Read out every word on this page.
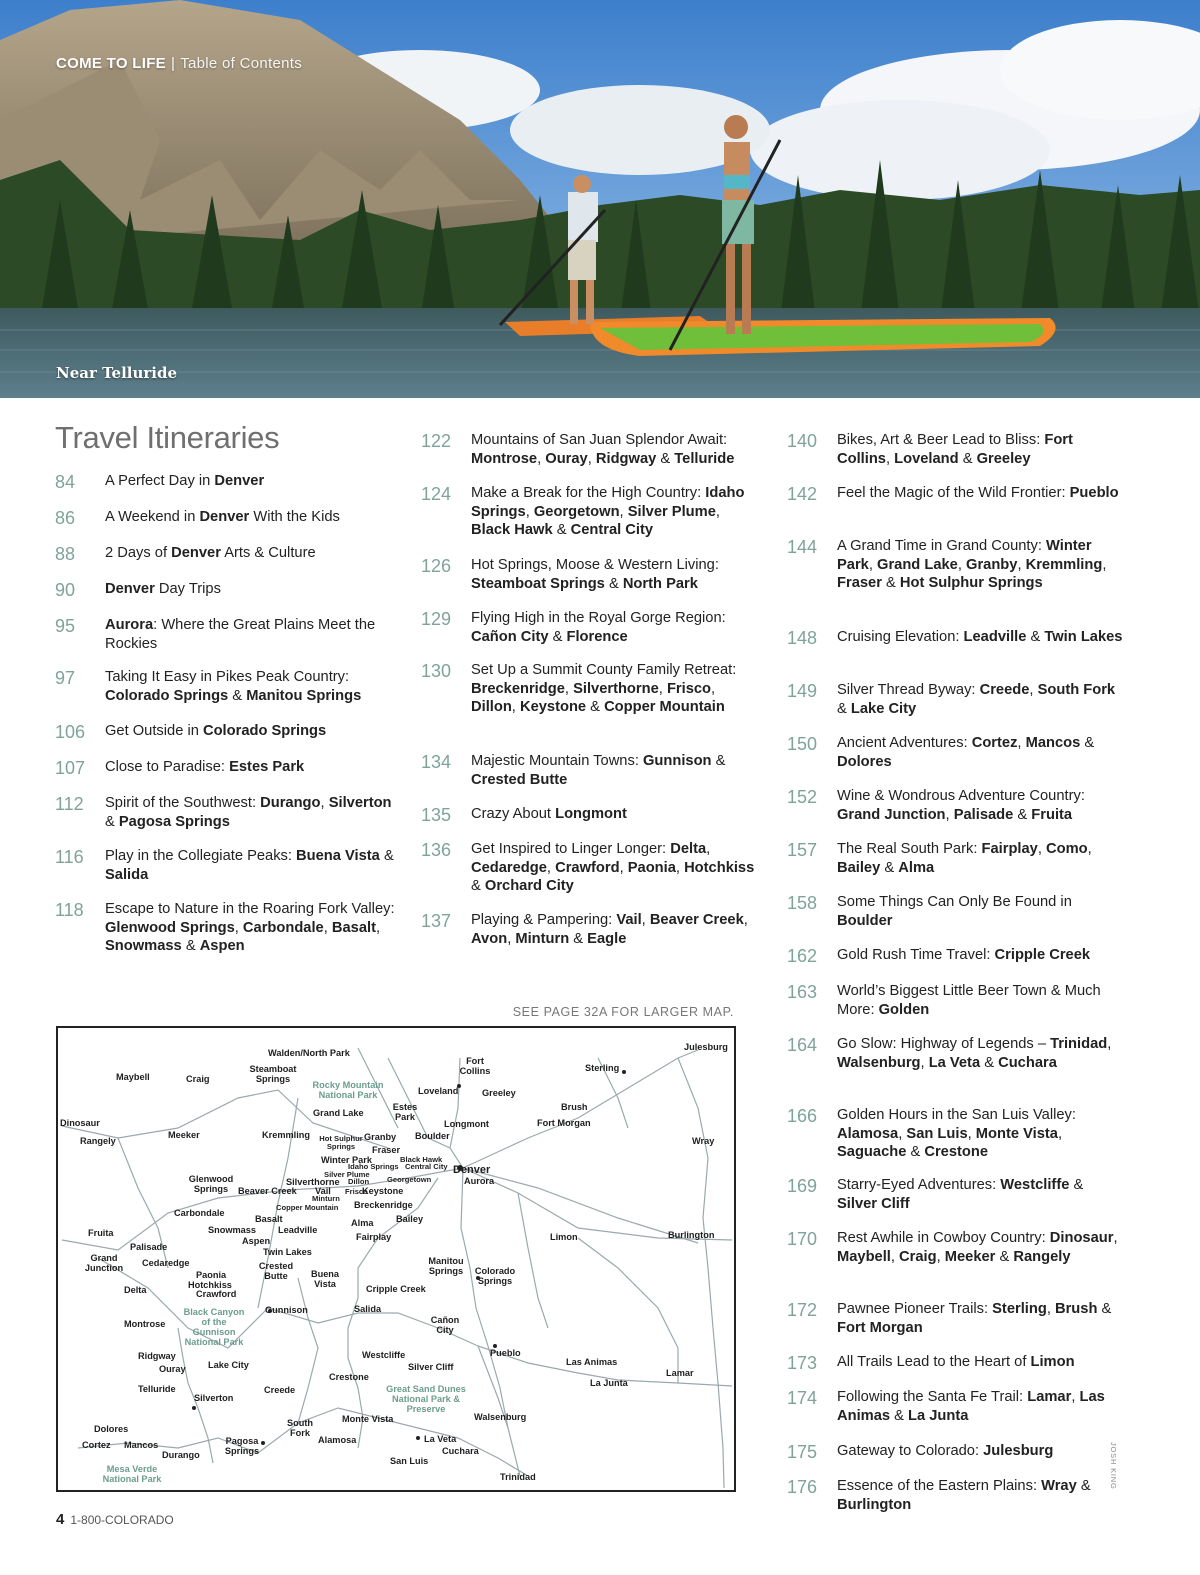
COME TO LIFE | Table of Contents
Near Telluride
Travel Itineraries
84 A Perfect Day in Denver
86 A Weekend in Denver With the Kids
88 2 Days of Denver Arts & Culture
90 Denver Day Trips
95 Aurora: Where the Great Plains Meet the Rockies
97 Taking It Easy in Pikes Peak Country: Colorado Springs & Manitou Springs
106 Get Outside in Colorado Springs
107 Close to Paradise: Estes Park
112 Spirit of the Southwest: Durango, Silverton & Pagosa Springs
116 Play in the Collegiate Peaks: Buena Vista & Salida
118 Escape to Nature in the Roaring Fork Valley: Glenwood Springs, Carbondale, Basalt, Snowmass & Aspen
122 Mountains of San Juan Splendor Await: Montrose, Ouray, Ridgway & Telluride
124 Make a Break for the High Country: Idaho Springs, Georgetown, Silver Plume, Black Hawk & Central City
126 Hot Springs, Moose & Western Living: Steamboat Springs & North Park
129 Flying High in the Royal Gorge Region: Cañon City & Florence
130 Set Up a Summit County Family Retreat: Breckenridge, Silverthorne, Frisco, Dillon, Keystone & Copper Mountain
134 Majestic Mountain Towns: Gunnison & Crested Butte
135 Crazy About Longmont
136 Get Inspired to Linger Longer: Delta, Cedaredge, Crawford, Paonia, Hotchkiss & Orchard City
137 Playing & Pampering: Vail, Beaver Creek, Avon, Minturn & Eagle
140 Bikes, Art & Beer Lead to Bliss: Fort Collins, Loveland & Greeley
142 Feel the Magic of the Wild Frontier: Pueblo
144 A Grand Time in Grand County: Winter Park, Grand Lake, Granby, Kremmling, Fraser & Hot Sulphur Springs
148 Cruising Elevation: Leadville & Twin Lakes
149 Silver Thread Byway: Creede, South Fork & Lake City
150 Ancient Adventures: Cortez, Mancos & Dolores
152 Wine & Wondrous Adventure Country: Grand Junction, Palisade & Fruita
157 The Real South Park: Fairplay, Como, Bailey & Alma
158 Some Things Can Only Be Found in Boulder
162 Gold Rush Time Travel: Cripple Creek
163 World’s Biggest Little Beer Town & Much More: Golden
164 Go Slow: Highway of Legends – Trinidad, Walsenburg, La Veta & Cuchara
166 Golden Hours in the San Luis Valley: Alamosa, San Luis, Monte Vista, Saguache & Crestone
169 Starry-Eyed Adventures: Westcliffe & Silver Cliff
170 Rest Awhile in Cowboy Country: Dinosaur, Maybell, Craig, Meeker & Rangely
172 Pawnee Pioneer Trails: Sterling, Brush & Fort Morgan
173 All Trails Lead to the Heart of Limon
174 Following the Santa Fe Trail: Lamar, Las Animas & La Junta
175 Gateway to Colorado: Julesburg
176 Essence of the Eastern Plains: Wray & Burlington
SEE PAGE 32A FOR LARGER MAP.
Walden/North Park
Fort Collins
Julesburg
Maybell	Craig
Steamboat Springs
Sterling
Rocky Mountain National Park	Loveland	Greeley
Grand Lake
Estes Park
Brush
Fort Morgan
Longmont
Dinosaur
Rangely
Meeker	Kremmling	Hot Sulphur Springs
Granby Boulder	Wray
Fraser
Winter Park	Black Hawk
Idaho Springs Central City Denver
Silver Plume
Georgetown	Aurora
Glenwood Springs
Silverthorne Dillon
Beaver Creek Vail Frisco
Keystone
Minturn
Copper Mountain Breckenridge
Carbondale
Basalt	Bailey
Snowmass Leadville
Alma
Aspen	Fairplay
Fruita
Palisade
Limon	Burlington
Twin Lakes
Grand Junction Cedaredge
Paonia
Hotchkiss
Crawford
Crested Butte	Buena Vista
Manitou Springs	Colorado Springs
Delta	Cripple Creek
Black Canyon of the Gunnison National Park
Gunnison	Salida
Montrose	Cañon City
Ridgway
Ouray
Westcliffe	Pueblo
Lake City	Silver Cliff	Las Animas
Lamar
Crestone
La Junta
Telluride	Great Sand Dunes National Park & Preserve
Creede
Silverton
South Fork
Monte Vista	Walsenburg
Dolores
Pagosa Springs
Cortez Mancos
Durango
Alamosa	La Veta
Cuchara
San Luis
Mesa Verde National Park	Trinidad
4 1-800-COLORADO
JOSH KING
